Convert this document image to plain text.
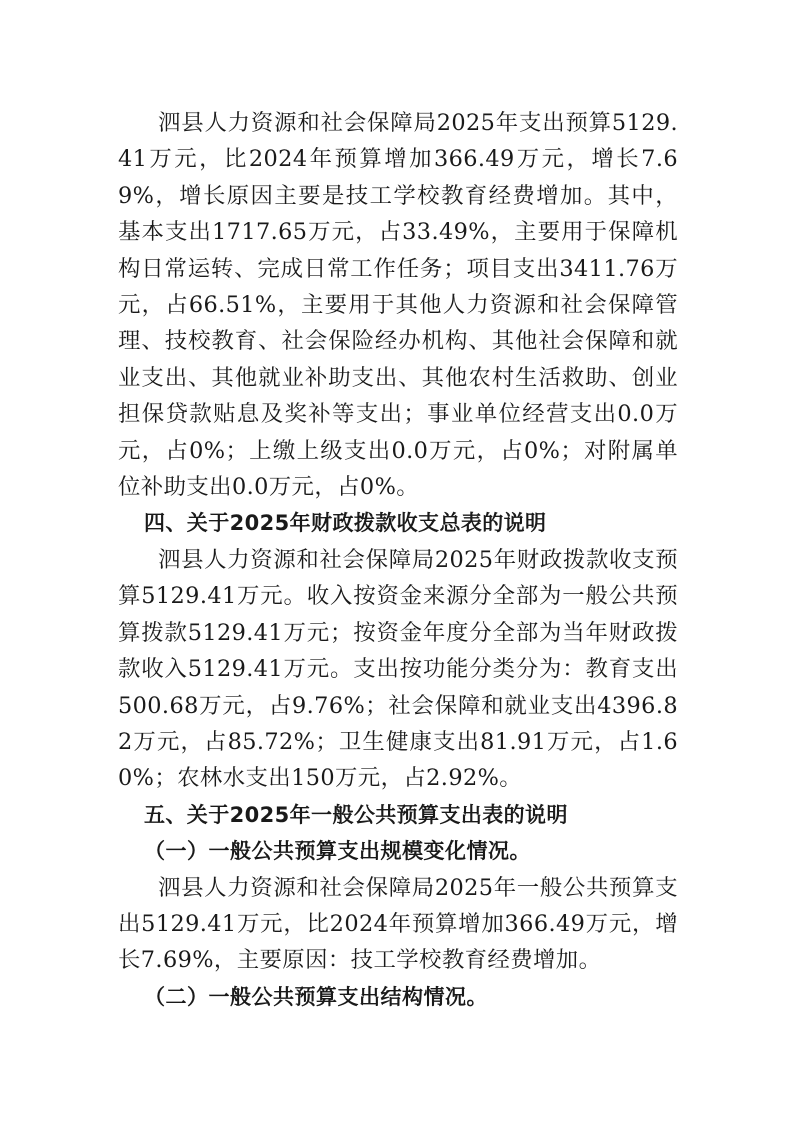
泗县人力资源和社会保障局2025年支出预算5129.41万元，比2024年预算增加366.49万元，增长7.69%，增长原因主要是技工学校教育经费增加。其中，基本支出1717.65万元，占33.49%，主要用于保障机构日常运转、完成日常工作任务；项目支出3411.76万元，占66.51%，主要用于其他人力资源和社会保障管理、技校教育、社会保险经办机构、其他社会保障和就业支出、其他就业补助支出、其他农村生活救助、创业担保贷款贴息及奖补等支出；事业单位经营支出0.0万元，占0%；上缴上级支出0.0万元，占0%；对附属单位补助支出0.0万元，占0%。

四、关于2025年财政拨款收支总表的说明

泗县人力资源和社会保障局2025年财政拨款收支预算5129.41万元。收入按资金来源分全部为一般公共预算拨款5129.41万元；按资金年度分全部为当年财政拨款收入5129.41万元。支出按功能分类分为：教育支出500.68万元，占9.76%；社会保障和就业支出4396.82万元，占85.72%；卫生健康支出81.91万元，占1.60%；农林水支出150万元，占2.92%。

五、关于2025年一般公共预算支出表的说明

（一）一般公共预算支出规模变化情况。

泗县人力资源和社会保障局2025年一般公共预算支出5129.41万元，比2024年预算增加366.49万元，增长7.69%，主要原因：技工学校教育经费增加。

（二）一般公共预算支出结构情况。
